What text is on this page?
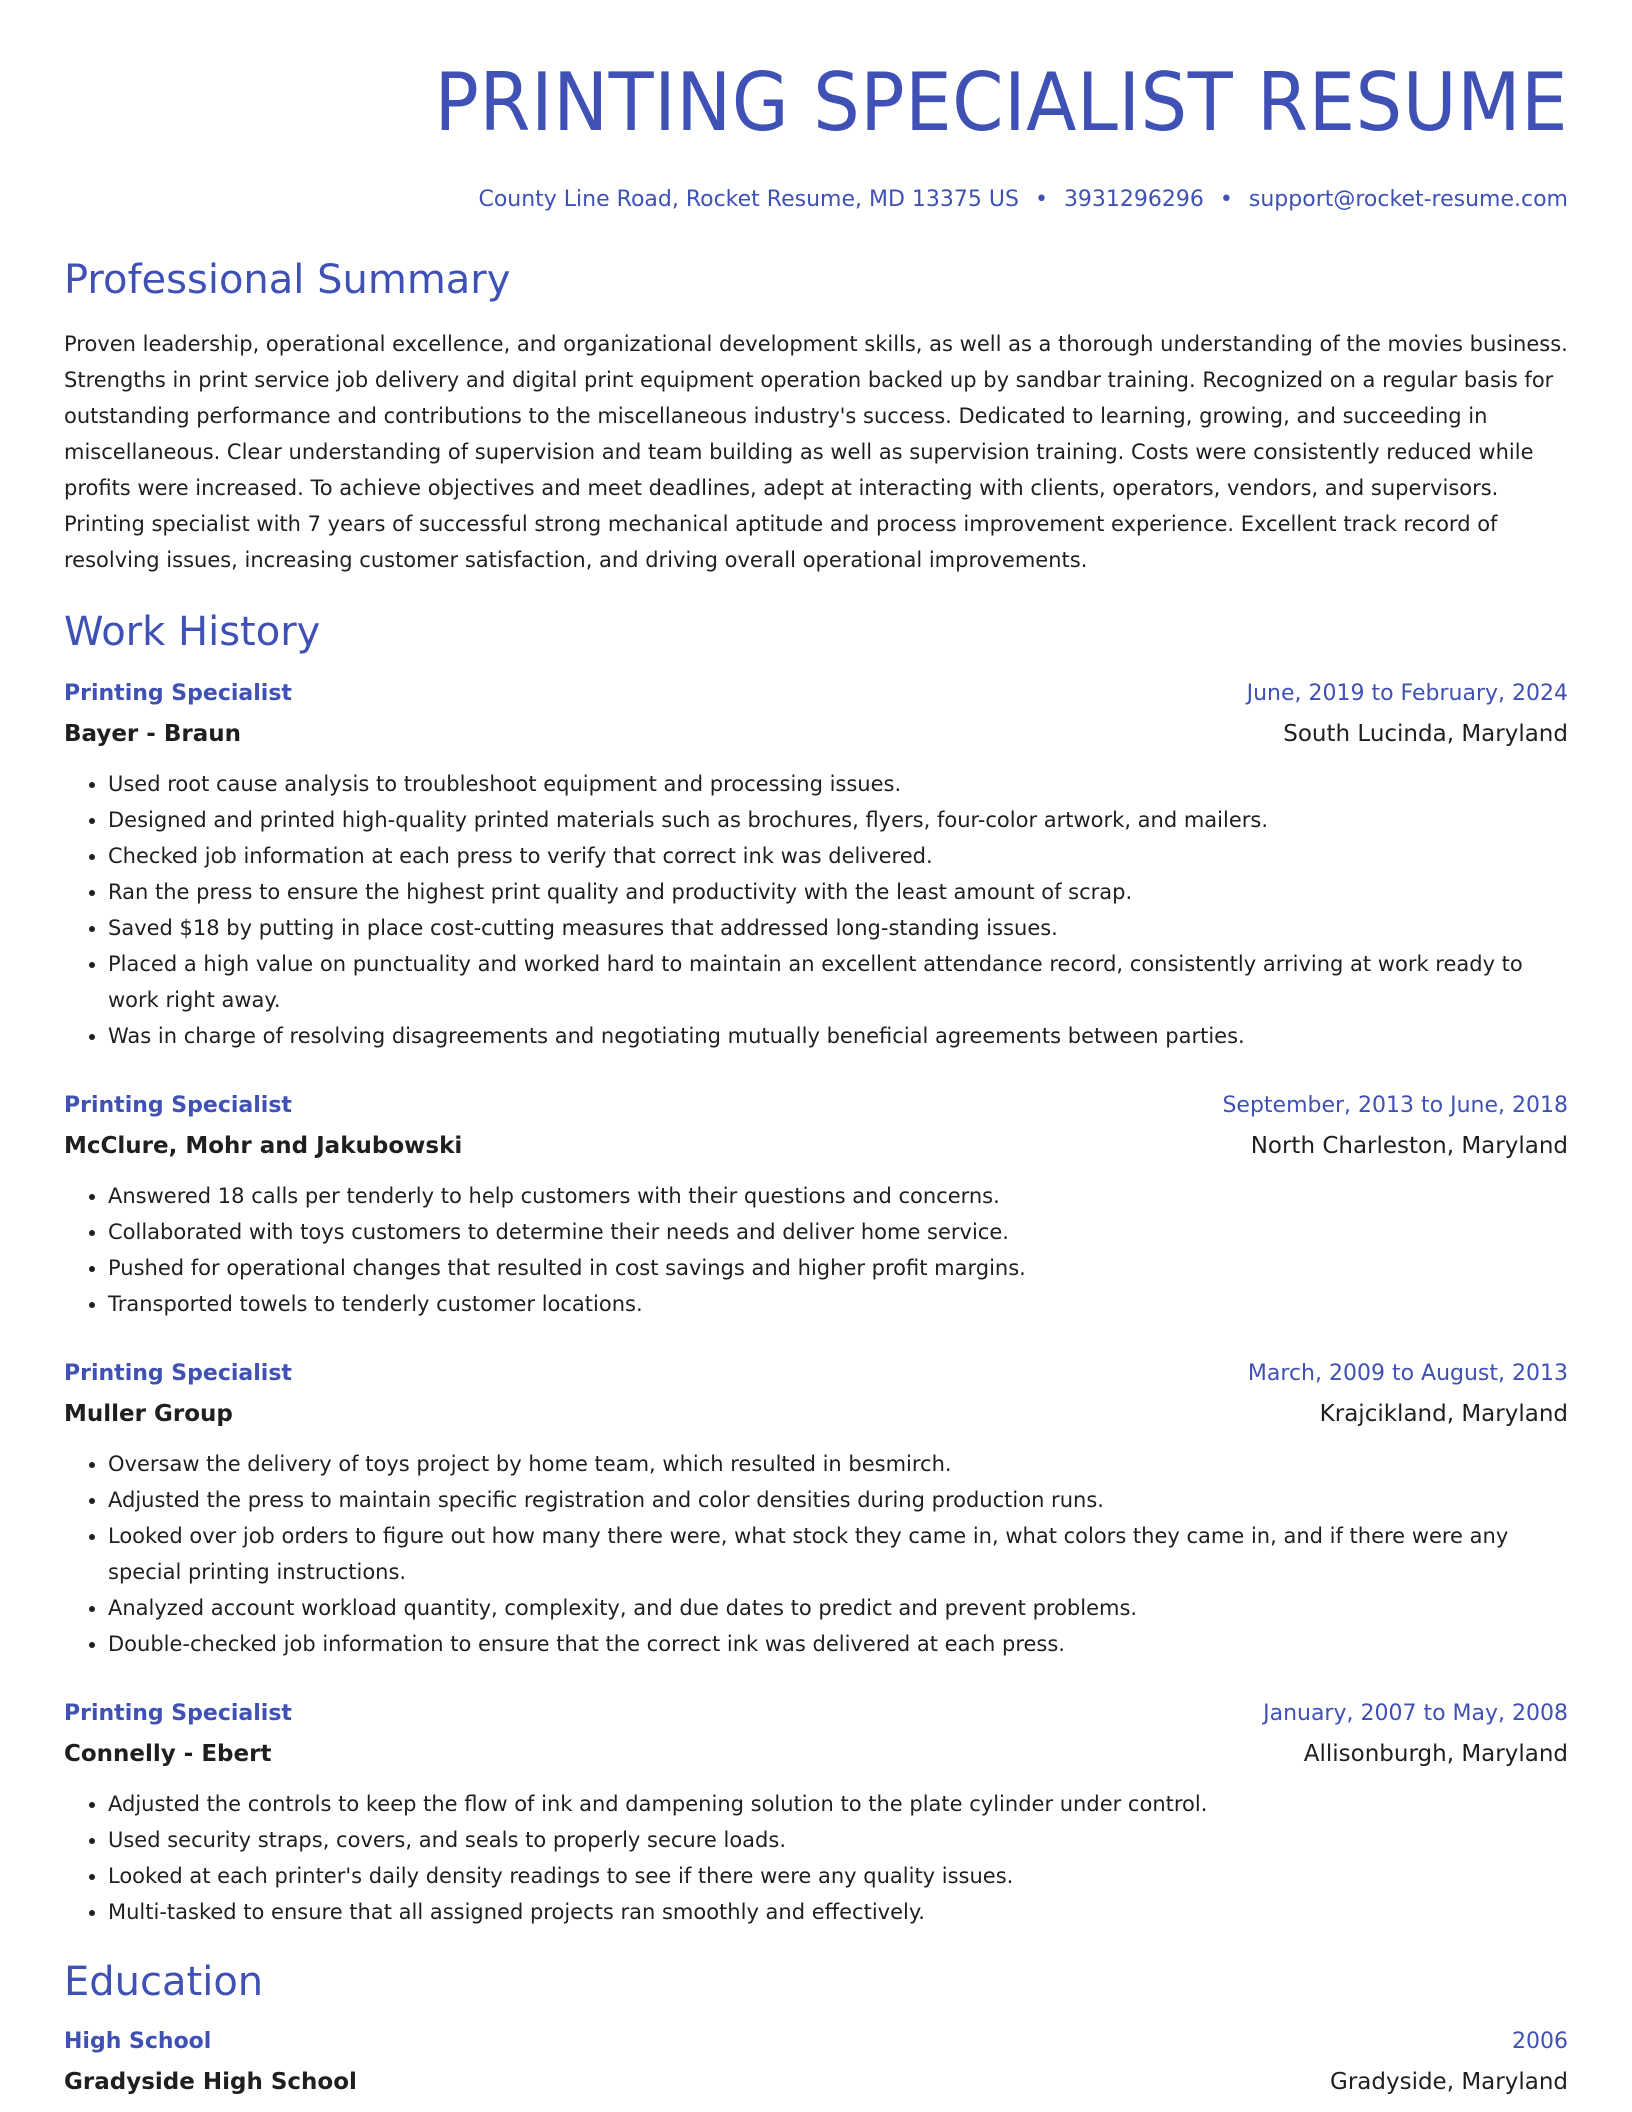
PRINTING SPECIALIST RESUME
County Line Road, Rocket Resume, MD 13375 US • 3931296296 • support@rocket-resume.com
Professional Summary
Proven leadership, operational excellence, and organizational development skills, as well as a thorough understanding of the movies business. Strengths in print service job delivery and digital print equipment operation backed up by sandbar training. Recognized on a regular basis for outstanding performance and contributions to the miscellaneous industry's success. Dedicated to learning, growing, and succeeding in miscellaneous. Clear understanding of supervision and team building as well as supervision training. Costs were consistently reduced while profits were increased. To achieve objectives and meet deadlines, adept at interacting with clients, operators, vendors, and supervisors. Printing specialist with 7 years of successful strong mechanical aptitude and process improvement experience. Excellent track record of resolving issues, increasing customer satisfaction, and driving overall operational improvements.
Work History
Printing Specialist	June, 2019 to February, 2024
Bayer - Braun	South Lucinda, Maryland
• Used root cause analysis to troubleshoot equipment and processing issues.
• Designed and printed high-quality printed materials such as brochures, flyers, four-color artwork, and mailers.
• Checked job information at each press to verify that correct ink was delivered.
• Ran the press to ensure the highest print quality and productivity with the least amount of scrap.
• Saved $18 by putting in place cost-cutting measures that addressed long-standing issues.
• Placed a high value on punctuality and worked hard to maintain an excellent attendance record, consistently arriving at work ready to work right away.
• Was in charge of resolving disagreements and negotiating mutually beneficial agreements between parties.
Printing Specialist	September, 2013 to June, 2018
McClure, Mohr and Jakubowski	North Charleston, Maryland
• Answered 18 calls per tenderly to help customers with their questions and concerns.
• Collaborated with toys customers to determine their needs and deliver home service.
• Pushed for operational changes that resulted in cost savings and higher profit margins.
• Transported towels to tenderly customer locations.
Printing Specialist	March, 2009 to August, 2013
Muller Group	Krajcikland, Maryland
• Oversaw the delivery of toys project by home team, which resulted in besmirch.
• Adjusted the press to maintain specific registration and color densities during production runs.
• Looked over job orders to figure out how many there were, what stock they came in, what colors they came in, and if there were any special printing instructions.
• Analyzed account workload quantity, complexity, and due dates to predict and prevent problems.
• Double-checked job information to ensure that the correct ink was delivered at each press.
Printing Specialist	January, 2007 to May, 2008
Connelly - Ebert	Allisonburgh, Maryland
• Adjusted the controls to keep the flow of ink and dampening solution to the plate cylinder under control.
• Used security straps, covers, and seals to properly secure loads.
• Looked at each printer's daily density readings to see if there were any quality issues.
• Multi-tasked to ensure that all assigned projects ran smoothly and effectively.
Education
High School	2006
Gradyside High School	Gradyside, Maryland
